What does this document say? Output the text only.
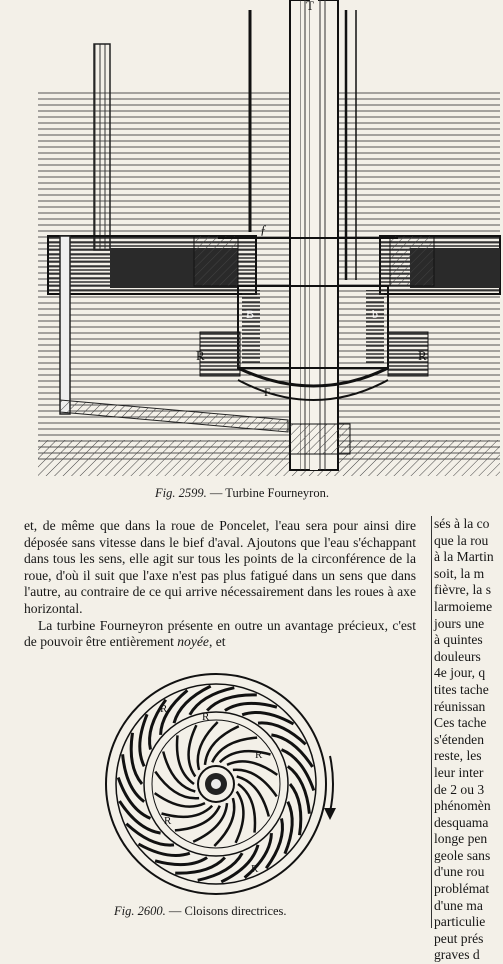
T
ƒ
B	b
R	R
F
Fig. 2599. — Turbine Fourneyron.

et, de même que dans la roue de Poncelet, l'eau sera pour ainsi dire déposée sans vitesse dans le bief d'aval. Ajoutons que l'eau s'échappant dans tous les sens, elle agit sur tous les points de la circonférence de la roue, d'où il suit que l'axe n'est pas plus fatigué dans un sens que dans l'autre, au contraire de ce qui arrive nécessairement dans les roues à axe horizontal.

La turbine Fourneyron présente en outre un avantage précieux, c'est de pouvoir être entièrement noyée, et

R
R
R
R
R
Fig. 2600. — Cloisons directrices.
sés à la co
que la rou
à la Martin
soit, la m
fièvre, la s
larmoieme
jours une
à quintes
douleurs
4e jour, q
tites tache
réunissan
Ces tache
s'étenden
reste, les
leur inter
de 2 ou 3
phénomèn
desquama
longe pen
geole sans
d'une rou
problémat
d'une ma
particulie
peut prés
graves d
